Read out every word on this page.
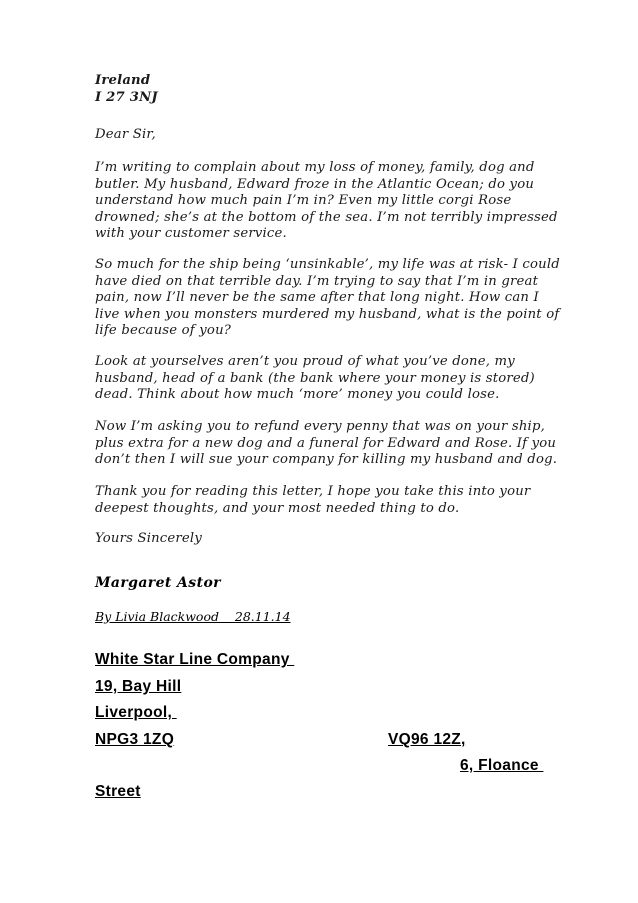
Ireland
I 27 3NJ

Dear Sir,

I’m writing to complain about my loss of money, family, dog and butler. My husband, Edward froze in the Atlantic Ocean; do you understand how much pain I’m in? Even my little corgi Rose drowned; she’s at the bottom of the sea. I’m not terribly impressed with your customer service.

So much for the ship being ‘unsinkable’, my life was at risk- I could have died on that terrible day. I’m trying to say that I’m in great pain, now I’ll never be the same after that long night. How can I live when you monsters murdered my husband, what is the point of life because of you?

Look at yourselves aren’t you proud of what you’ve done, my husband, head of a bank (the bank where your money is stored) dead. Think about how much ‘more’ money you could lose.

Now I’m asking you to refund every penny that was on your ship, plus extra for a new dog and a funeral for Edward and Rose. If you don’t then I will sue your company for killing my husband and dog.

Thank you for reading this letter, I hope you take this into your deepest thoughts, and your most needed thing to do.

Yours Sincerely

Margaret Astor

By Livia Blackwood    28.11.14

White Star Line Company

19, Bay Hill

Liverpool,

NPG3 1ZQ	VQ96 12Z,

6, Floance

Street
